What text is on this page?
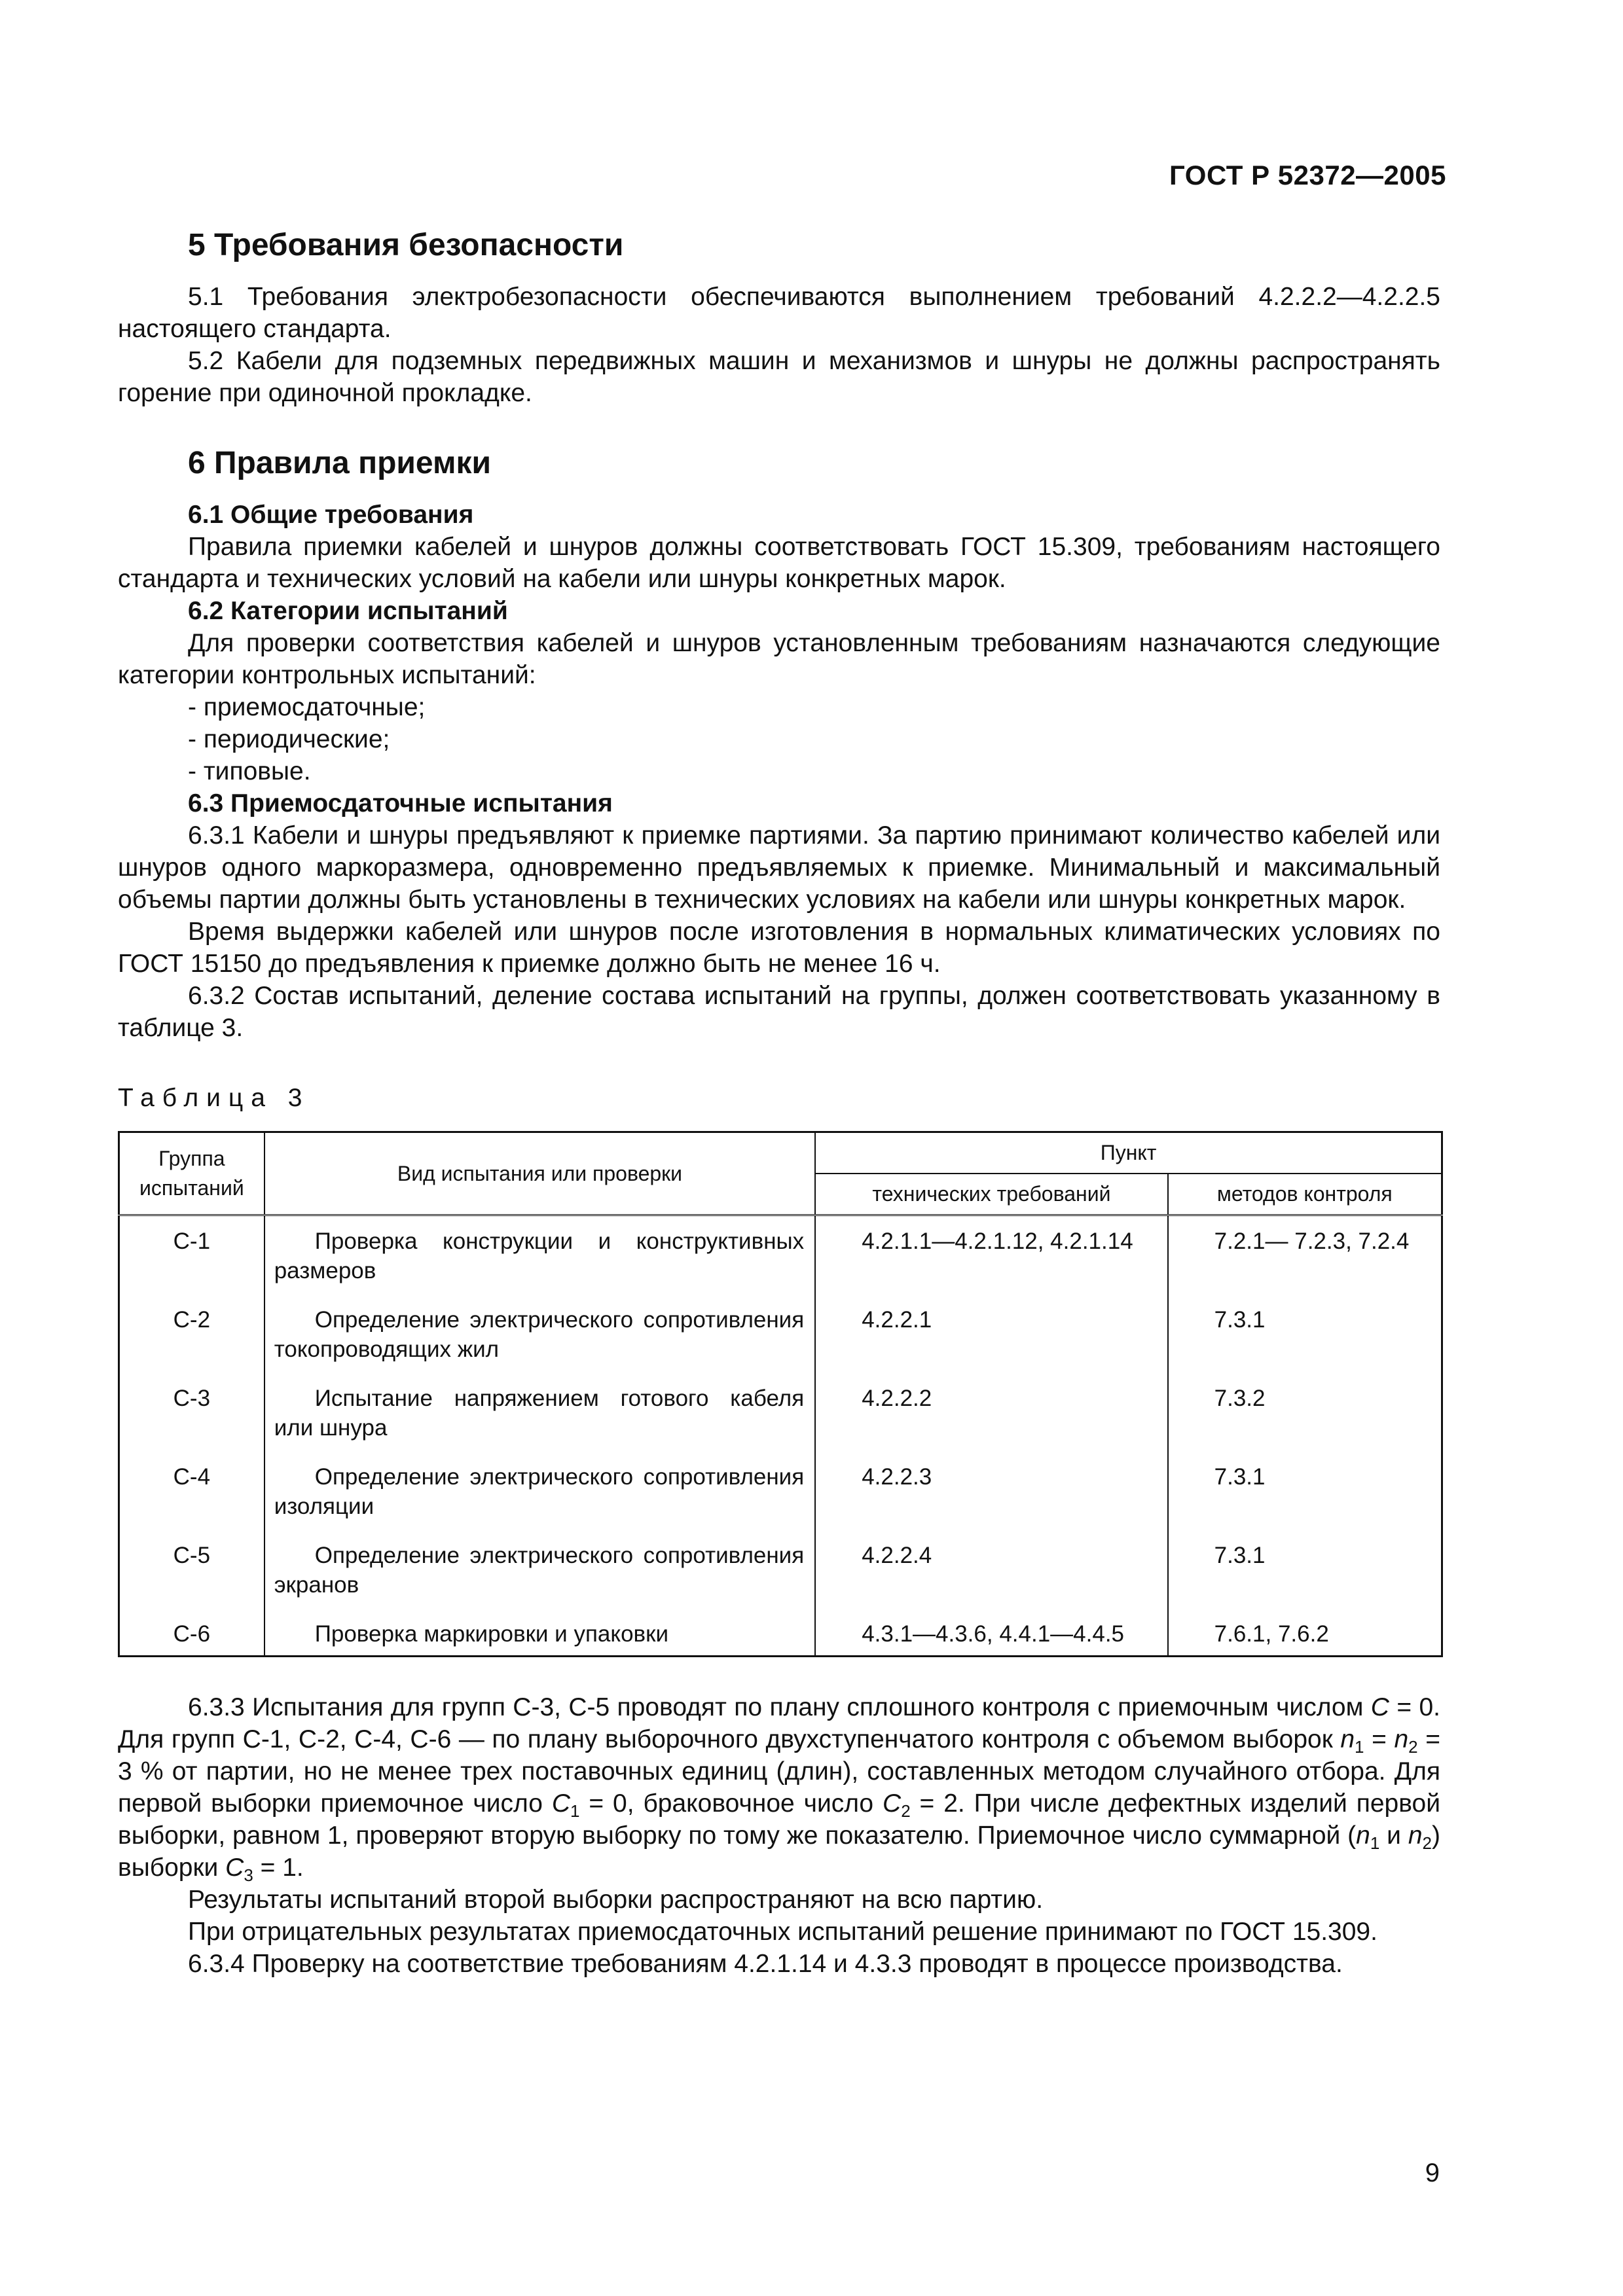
ГОСТ Р 52372—2005
5 Требования безопасности

5.1 Требования электробезопасности обеспечиваются выполнением требований 4.2.2.2—4.2.2.5 настоящего стандарта.

5.2 Кабели для подземных передвижных машин и механизмов и шнуры не должны распространять горение при одиночной прокладке.

6 Правила приемки
6.1 Общие требования

Правила приемки кабелей и шнуров должны соответствовать ГОСТ 15.309, требованиям настоящего стандарта и технических условий на кабели или шнуры конкретных марок.

6.2 Категории испытаний

Для проверки соответствия кабелей и шнуров установленным требованиям назначаются следующие категории контрольных испытаний:

- приемосдаточные;
- периодические;
- типовые.
6.3 Приемосдаточные испытания

6.3.1 Кабели и шнуры предъявляют к приемке партиями. За партию принимают количество кабелей или шнуров одного маркоразмера, одновременно предъявляемых к приемке. Минимальный и максимальный объемы партии должны быть установлены в технических условиях на кабели или шнуры конкретных марок.

Время выдержки кабелей или шнуров после изготовления в нормальных климатических условиях по ГОСТ 15150 до предъявления к приемке должно быть не менее 16 ч.

6.3.2 Состав испытаний, деление состава испытаний на группы, должен соответствовать указанному в таблице 3.

Таблица 3

Группа испытаний	Вид испытания или проверки	Пункт	
		технических требований	методов контроля
С-1	Проверка конструкции и конструктивных размеров	4.2.1.1—4.2.1.12, 4.2.1.14	7.2.1— 7.2.3, 7.2.4
С-2	Определение электрического сопротивления токопроводящих жил	4.2.2.1	7.3.1
С-3	Испытание напряжением готового кабеля или шнура	4.2.2.2	7.3.2
С-4	Определение электрического сопротивления изоляции	4.2.2.3	7.3.1
С-5	Определение электрического сопротивления экранов	4.2.2.4	7.3.1
С-6	Проверка маркировки и упаковки	4.3.1—4.3.6, 4.4.1—4.4.5	7.6.1, 7.6.2

6.3.3 Испытания для групп С-3, С-5 проводят по плану сплошного контроля с приемочным числом C = 0. Для групп С-1, С-2, С-4, С-6 — по плану выборочного двухступенчатого контроля с объемом выборок $n_1 = n_2 = 3$ % от партии, но не менее трех поставочных единиц (длин), составленных методом случайного отбора. Для первой выборки приемочное число $C_1 = 0$, браковочное число $C_2 = 2$. При числе дефектных изделий первой выборки, равном 1, проверяют вторую выборку по тому же показателю. Приемочное число суммарной ($n_1$ и $n_2$) выборки $C_3 = 1$.

Результаты испытаний второй выборки распространяют на всю партию.

При отрицательных результатах приемосдаточных испытаний решение принимают по ГОСТ 15.309.

6.3.4 Проверку на соответствие требованиям 4.2.1.14 и 4.3.3 проводят в процессе производства.

9
